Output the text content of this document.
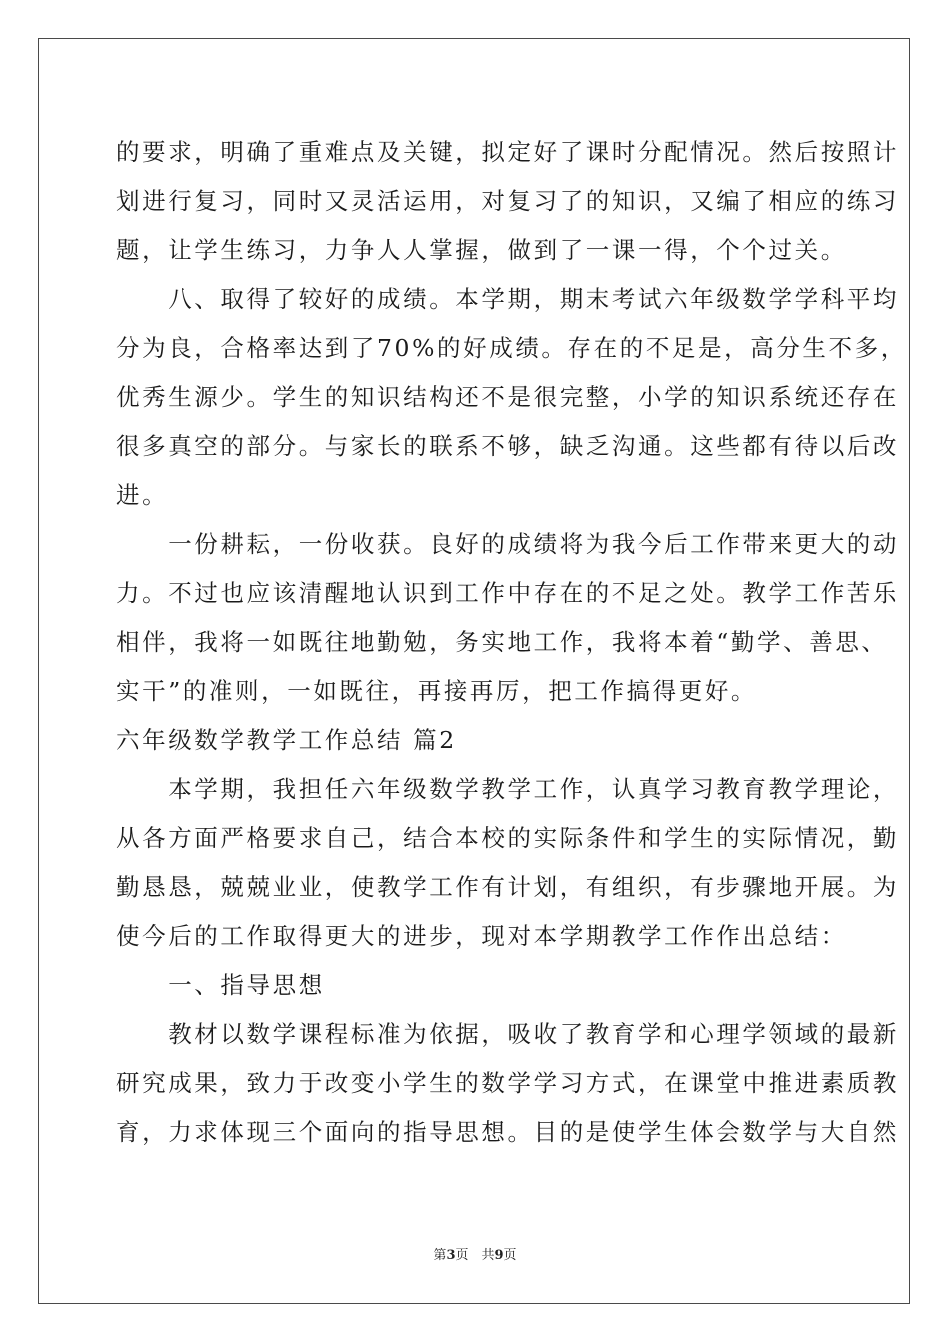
的要求，明确了重难点及关键，拟定好了课时分配情况。然后按照计
划进行复习，同时又灵活运用，对复习了的知识，又编了相应的练习
题，让学生练习，力争人人掌握，做到了一课一得，个个过关。
　　八、取得了较好的成绩。本学期，期末考试六年级数学学科平均
分为良，合格率达到了70%的好成绩。存在的不足是，高分生不多，
优秀生源少。学生的知识结构还不是很完整，小学的知识系统还存在
很多真空的部分。与家长的联系不够，缺乏沟通。这些都有待以后改
进。
　　一份耕耘，一份收获。良好的成绩将为我今后工作带来更大的动
力。不过也应该清醒地认识到工作中存在的不足之处。教学工作苦乐
相伴，我将一如既往地勤勉，务实地工作，我将本着“勤学、善思、
实干”的准则，一如既往，再接再厉，把工作搞得更好。
六年级数学教学工作总结 篇2
　　本学期，我担任六年级数学教学工作，认真学习教育教学理论，
从各方面严格要求自己，结合本校的实际条件和学生的实际情况，勤
勤恳恳，兢兢业业，使教学工作有计划，有组织，有步骤地开展。为
使今后的工作取得更大的进步，现对本学期教学工作作出总结：
　　一、指导思想
　　教材以数学课程标准为依据，吸收了教育学和心理学领域的最新
研究成果，致力于改变小学生的数学学习方式，在课堂中推进素质教
育，力求体现三个面向的指导思想。目的是使学生体会数学与大自然
第3页　共9页
